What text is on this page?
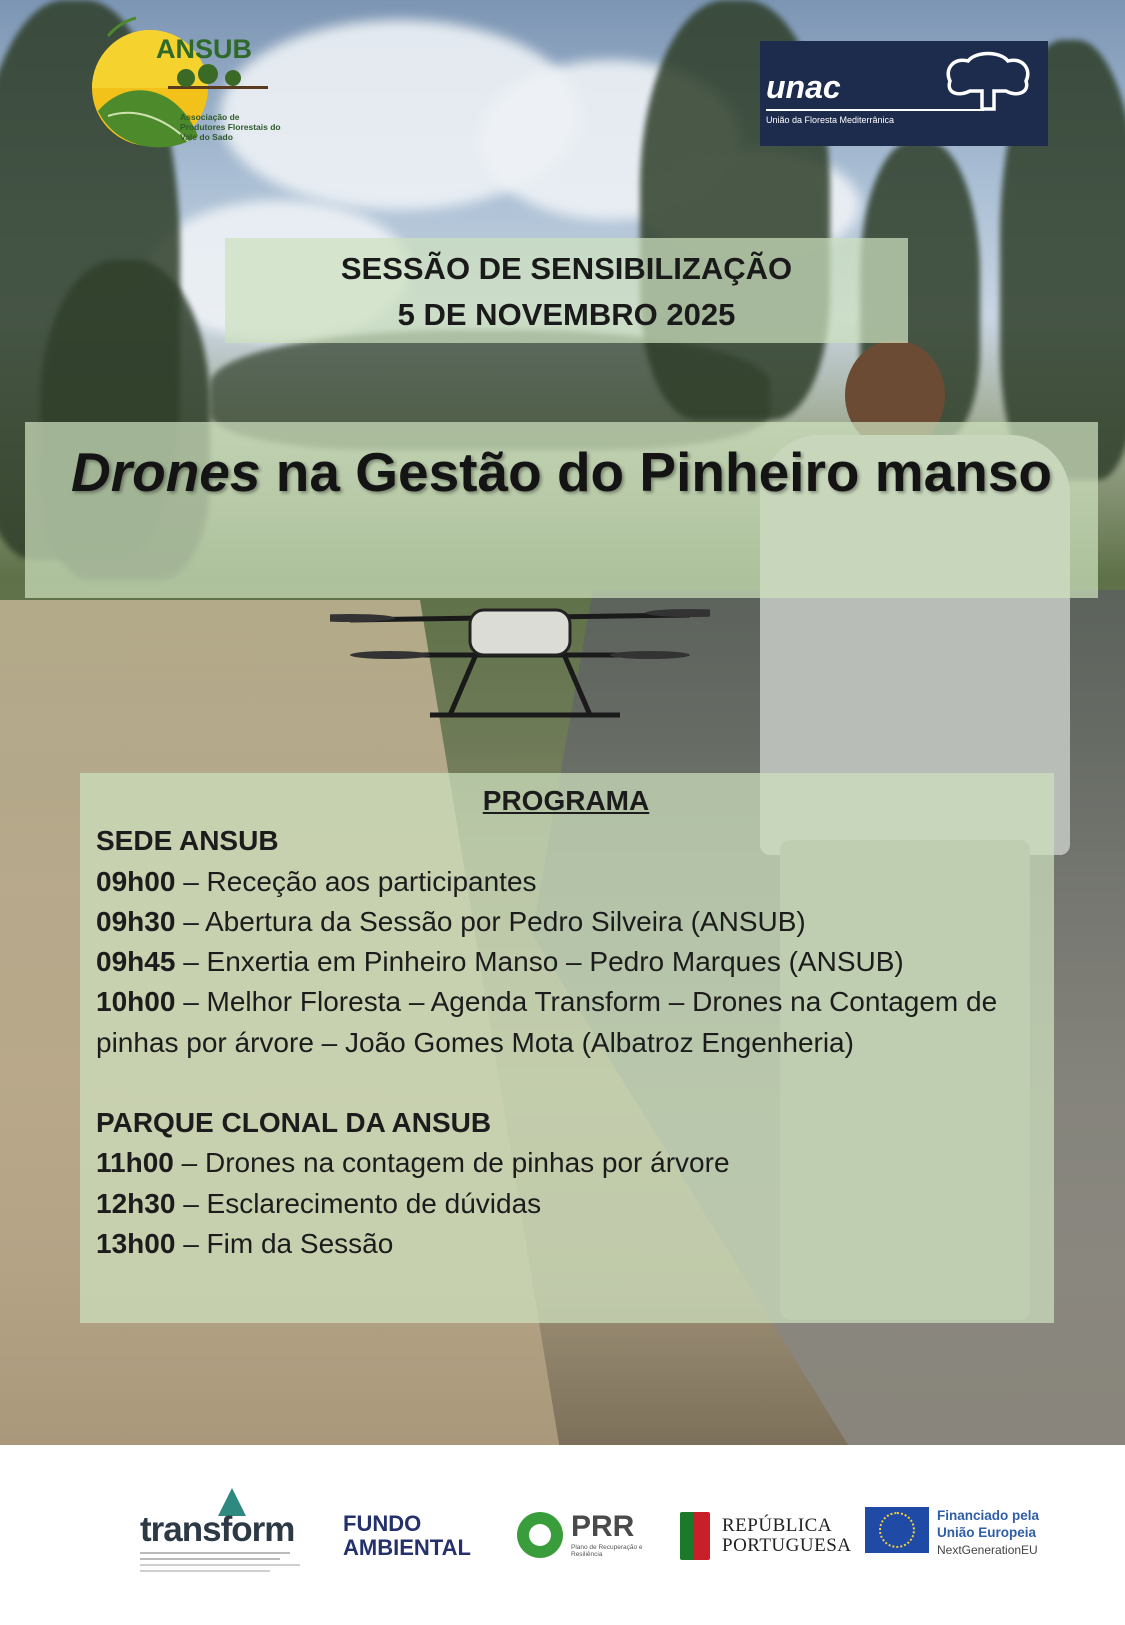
ANSUB
Associação de Produtores Florestais do Vale do Sado
unac
União da Floresta Mediterrânica
SESSÃO DE SENSIBILIZAÇÃO
5 DE NOVEMBRO 2025
Drones na Gestão do Pinheiro manso
PROGRAMA
SEDE ANSUB
09h00 – Receção aos participantes
09h30 – Abertura da Sessão por Pedro Silveira (ANSUB)
09h45 – Enxertia em Pinheiro Manso – Pedro Marques (ANSUB)
10h00 – Melhor Floresta – Agenda Transform – Drones na Contagem de pinhas por árvore – João Gomes Mota (Albatroz Engenheria)
PARQUE CLONAL DA ANSUB
11h00 – Drones na contagem de pinhas por árvore
12h30 – Esclarecimento de dúvidas
13h00 – Fim da Sessão
transform FUNDO
AMBIENTAL
PRR
Plano de Recuperação e Resiliência
REPÚBLICA
PORTUGUESA
Financiado pela
União Europeia
NextGenerationEU
